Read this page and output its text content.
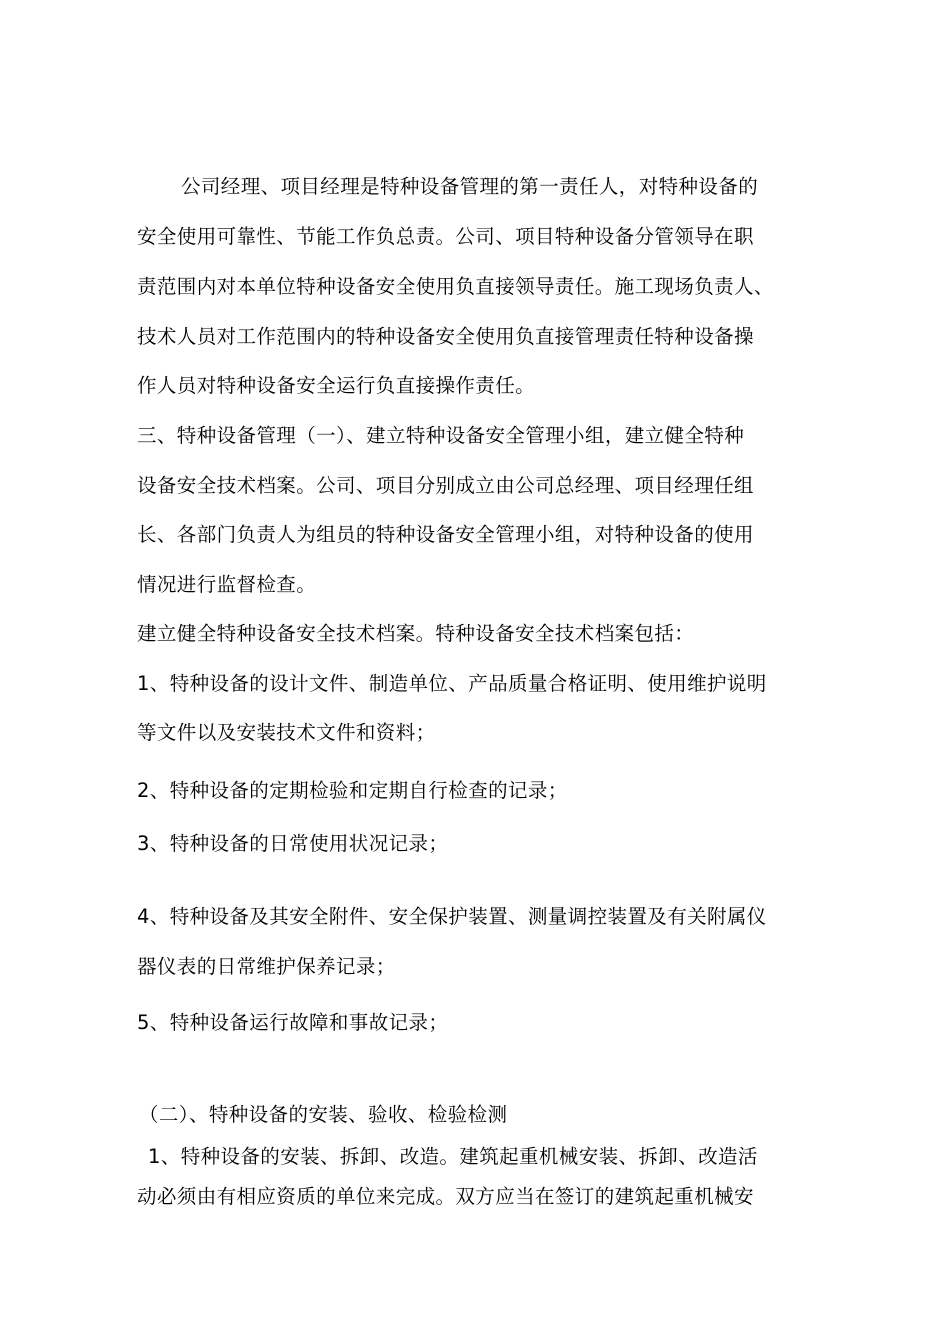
公司经理、项目经理是特种设备管理的第一责任人，对特种设备的
安全使用可靠性、节能工作负总责。公司、项目特种设备分管领导在职
责范围内对本单位特种设备安全使用负直接领导责任。施工现场负责人、
技术人员对工作范围内的特种设备安全使用负直接管理责任特种设备操
作人员对特种设备安全运行负直接操作责任。
三、特种设备管理（一）、建立特种设备安全管理小组，建立健全特种
设备安全技术档案。公司、项目分别成立由公司总经理、项目经理任组
长、各部门负责人为组员的特种设备安全管理小组，对特种设备的使用
情况进行监督检查。
建立健全特种设备安全技术档案。特种设备安全技术档案包括：
1、特种设备的设计文件、制造单位、产品质量合格证明、使用维护说明
等文件以及安装技术文件和资料；
2、特种设备的定期检验和定期自行检查的记录；
3、特种设备的日常使用状况记录；
4、特种设备及其安全附件、安全保护装置、测量调控装置及有关附属仪
器仪表的日常维护保养记录；
5、特种设备运行故障和事故记录；
（二）、特种设备的安装、验收、检验检测
1、特种设备的安装、拆卸、改造。建筑起重机械安装、拆卸、改造活
动必须由有相应资质的单位来完成。双方应当在签订的建筑起重机械安
